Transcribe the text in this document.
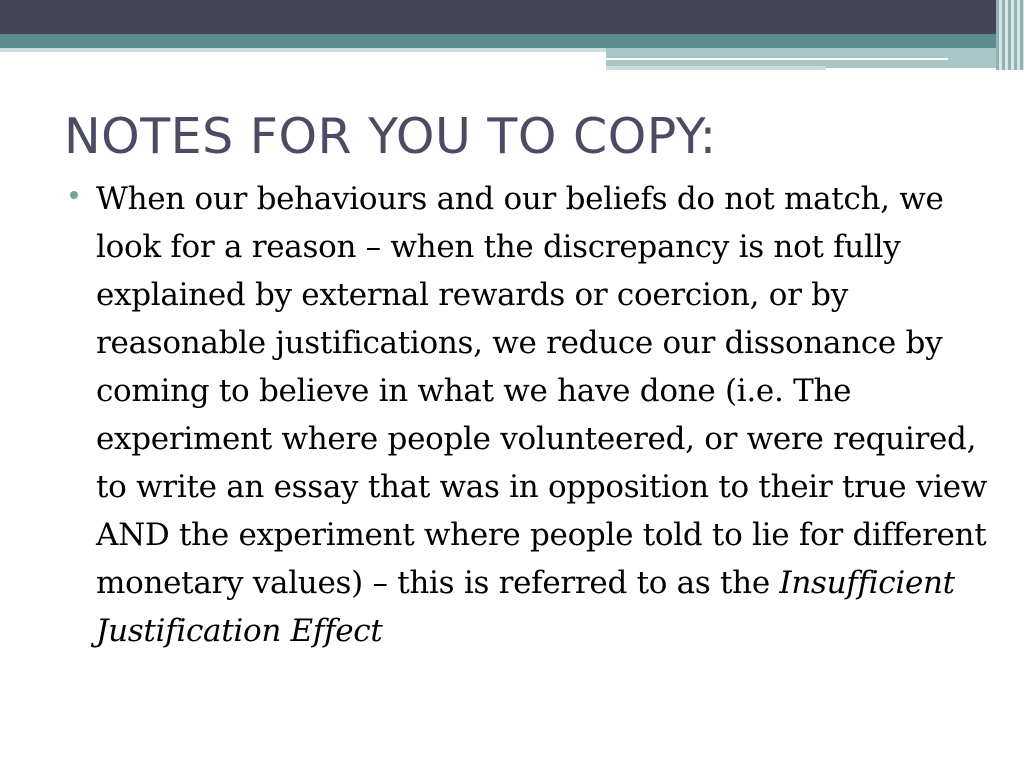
NOTES FOR YOU TO COPY:
When our behaviours and our beliefs do not match, we look for a reason – when the discrepancy is not fully explained by external rewards or coercion, or by reasonable justifications, we reduce our dissonance by coming to believe in what we have done (i.e. The experiment where people volunteered, or were required, to write an essay that was in opposition to their true view AND the experiment where people told to lie for different monetary values) – this is referred to as the Insufficient Justification Effect
